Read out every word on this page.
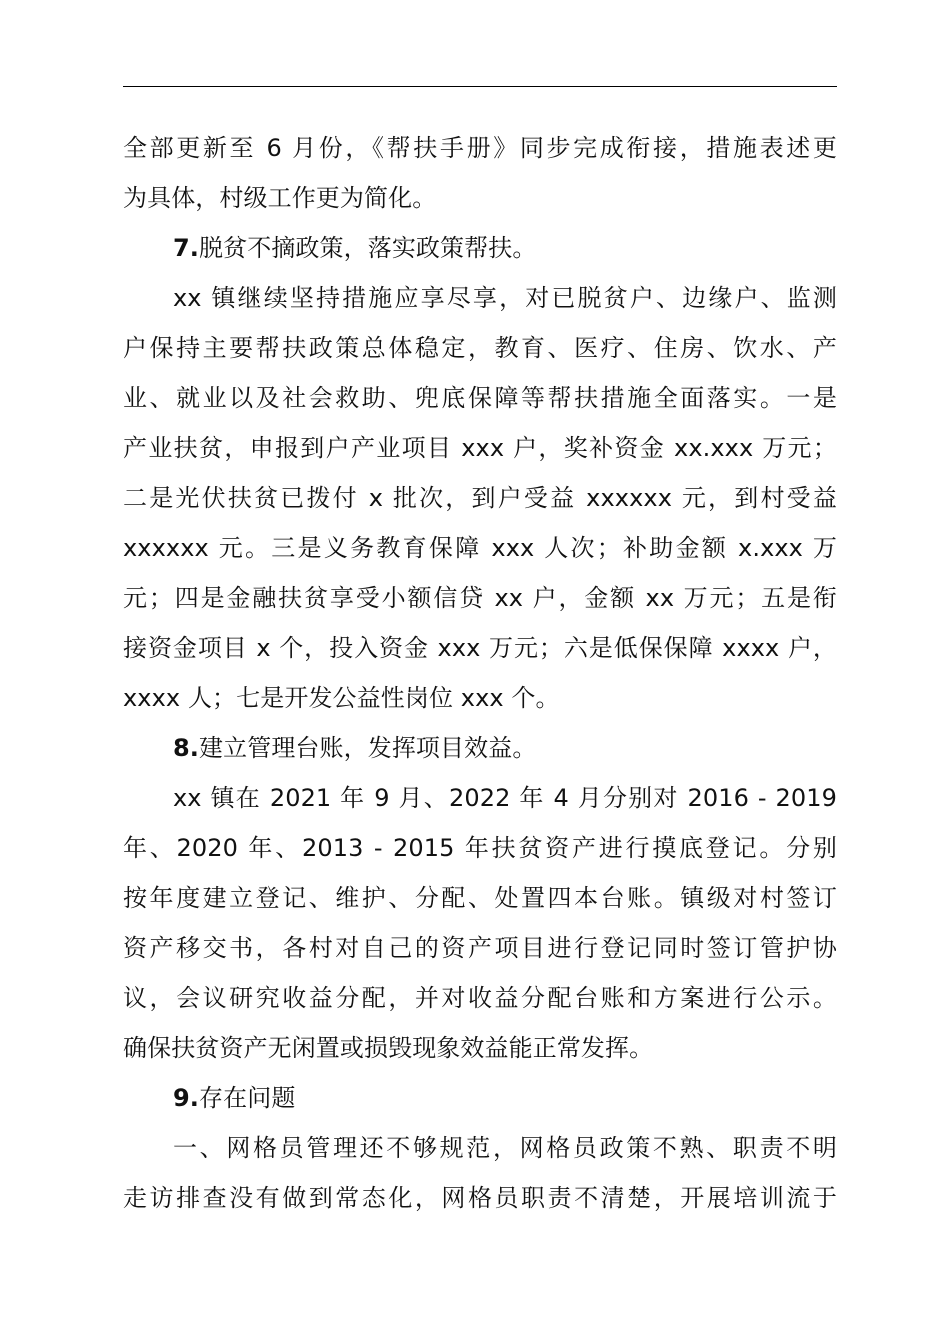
全部更新至 6 月份，《帮扶手册》同步完成衔接，措施表述更
为具体，村级工作更为简化。
7.脱贫不摘政策，落实政策帮扶。
xx 镇继续坚持措施应享尽享，对已脱贫户、边缘户、监测
户保持主要帮扶政策总体稳定，教育、医疗、住房、饮水、产
业、就业以及社会救助、兜底保障等帮扶措施全面落实。一是
产业扶贫，申报到户产业项目 xxx 户，奖补资金 xx.xxx 万元；
二是光伏扶贫已拨付 x 批次，到户受益 xxxxxx 元，到村受益
xxxxxx 元。三是义务教育保障 xxx 人次；补助金额 x.xxx 万
元；四是金融扶贫享受小额信贷 xx 户，金额 xx 万元；五是衔
接资金项目 x 个，投入资金 xxx 万元；六是低保保障 xxxx 户，
xxxx 人；七是开发公益性岗位 xxx 个。
8.建立管理台账，发挥项目效益。
xx 镇在 2021 年 9 月、2022 年 4 月分别对 2016 - 2019
年、2020 年、2013 - 2015 年扶贫资产进行摸底登记。分别
按年度建立登记、维护、分配、处置四本台账。镇级对村签订
资产移交书，各村对自己的资产项目进行登记同时签订管护协
议，会议研究收益分配，并对收益分配台账和方案进行公示。
确保扶贫资产无闲置或损毁现象效益能正常发挥。
9.存在问题
一、网格员管理还不够规范，网格员政策不熟、职责不明
走访排查没有做到常态化，网格员职责不清楚，开展培训流于
